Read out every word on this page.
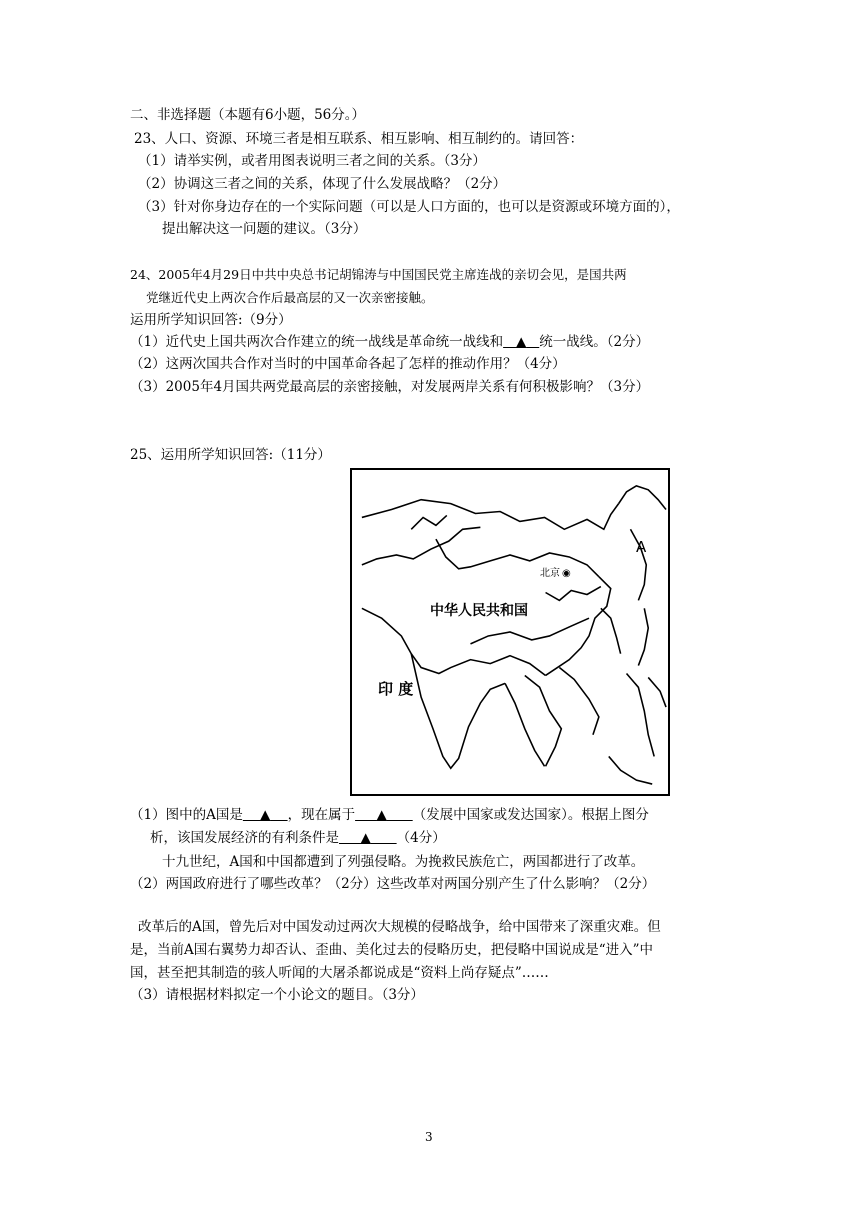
二、非选择题（本题有6小题，56分。）
23、人口、资源、环境三者是相互联系、相互影响、相互制约的。请回答：
（1）请举实例，或者用图表说明三者之间的关系。（3分）
（2）协调这三者之间的关系，体现了什么发展战略？（2分）
（3）针对你身边存在的一个实际问题（可以是人口方面的，也可以是资源或环境方面的），
提出解决这一问题的建议。（3分）
24、2005年4月29日中共中央总书记胡锦涛与中国国民党主席连战的亲切会见，是国共两
党继近代史上两次合作后最高层的又一次亲密接触。
运用所学知识回答:（9分）
（1）近代史上国共两次合作建立的统一战线是革命统一战线和 ▲ 统一战线。（2分）
（2）这两次国共合作对当时的中国革命各起了怎样的推动作用？（4分）
（3）2005年4月国共两党最高层的亲密接触，对发展两岸关系有何积极影响？（3分）
25、运用所学知识回答:（11分）
A
北京 ◉
中华人民共和国
印 度
（1）图中的A国是 ▲ ，现在属于 ▲ （发展中国家或发达国家）。根据上图分
析，该国发展经济的有利条件是 ▲ （4分）
十九世纪，A国和中国都遭到了列强侵略。为挽救民族危亡，两国都进行了改革。
（2）两国政府进行了哪些改革？（2分）这些改革对两国分别产生了什么影响？（2分）
改革后的A国，曾先后对中国发动过两次大规模的侵略战争，给中国带来了深重灾难。但
是，当前A国右翼势力却否认、歪曲、美化过去的侵略历史，把侵略中国说成是“进入”中
国，甚至把其制造的骇人听闻的大屠杀都说成是“资料上尚存疑点”……
（3）请根据材料拟定一个小论文的题目。（3分）
3
